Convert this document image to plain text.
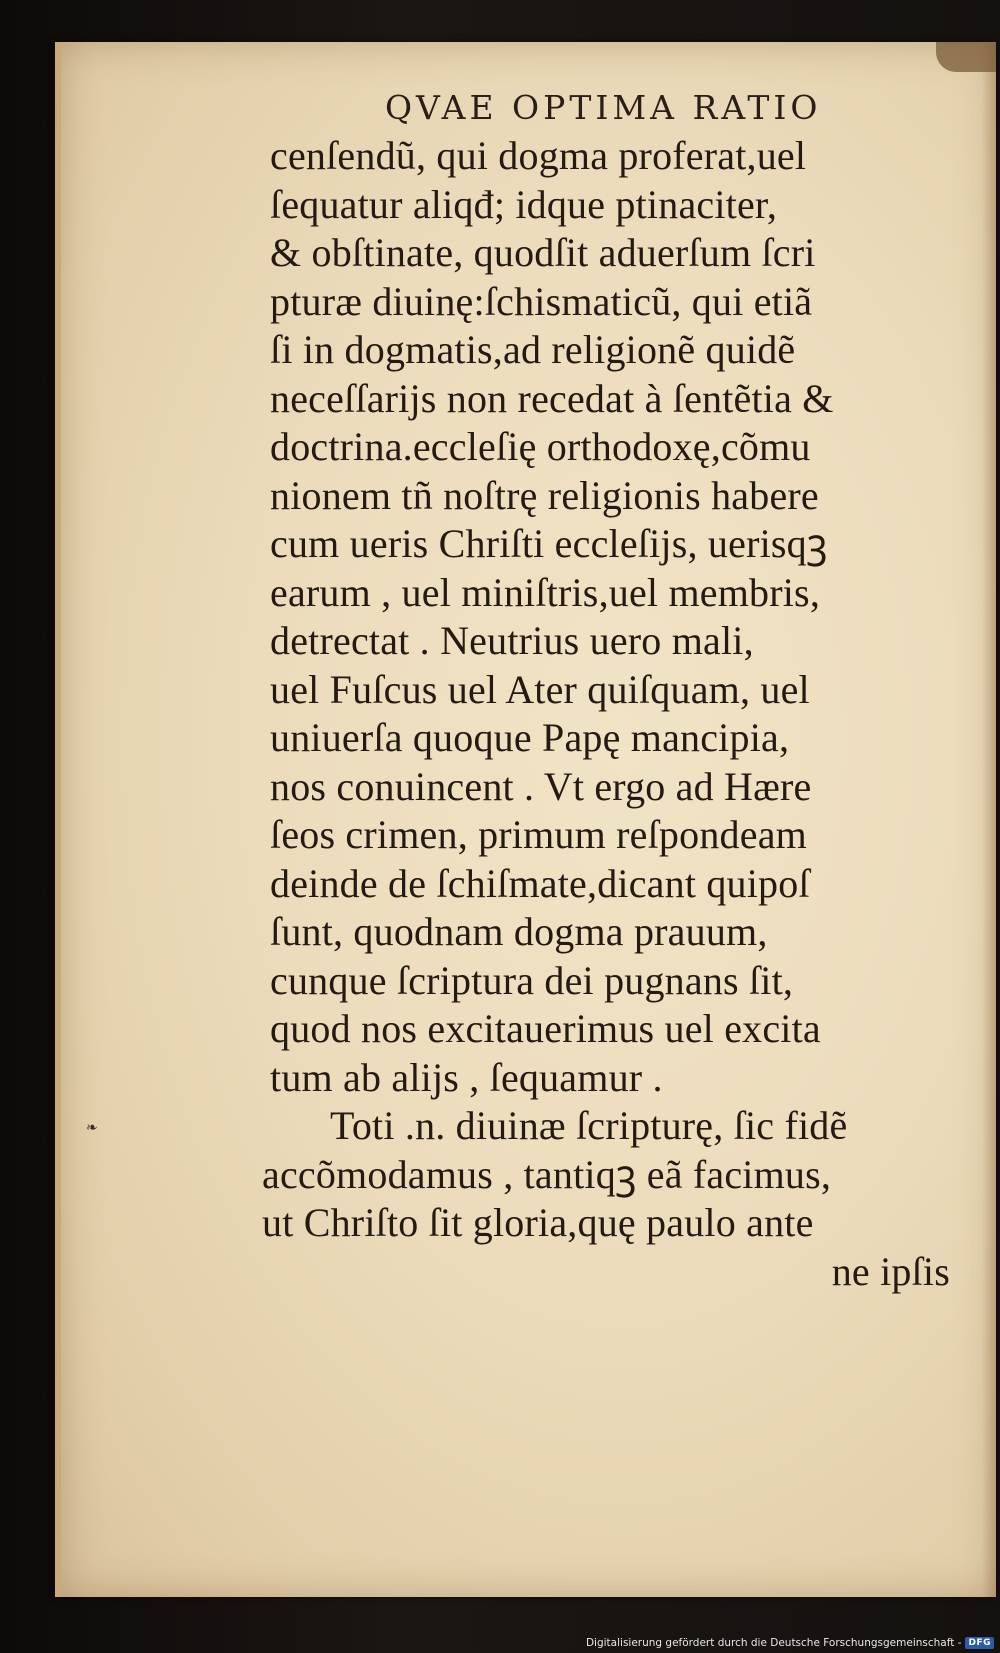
❧
QVAE OPTIMA RATIO
cenſendũ, qui dogma proferat,uel
ſequatur aliqđ; idque ptinaciter,
& obſtinate, quodſit aduerſum ſcri
pturæ diuinę:ſchismaticũ, qui etiã
ſi in dogmatis,ad religionẽ quidẽ
neceſſarijs non recedat à ſentẽtia &
doctrina.eccleſię orthodoxę,cõmu
nionem tñ noſtrę religionis habere
cum ueris Chriſti eccleſijs, uerisqꝫ
earum , uel miniſtris,uel membris,
detrectat . Neutrius uero mali,
uel Fuſcus uel Ater quiſquam, uel
uniuerſa quoque Papę mancipia,
nos conuincent . Vt ergo ad Hære
ſeos crimen, primum reſpondeam
deinde de ſchiſmate,dicant quipoſ
ſunt, quodnam dogma prauum,
cunque ſcriptura dei pugnans ſit,
quod nos excitauerimus uel excita
tum ab alijs , ſequamur .
Toti .n. diuinæ ſcripturę, ſic fidẽ
accõmodamus , tantiqꝫ eã facimus,
ut Chriſto ſit gloria,quę paulo ante
ne ipſis
Digitalisierung gefördert durch die Deutsche Forschungsgemeinschaft - DFG
